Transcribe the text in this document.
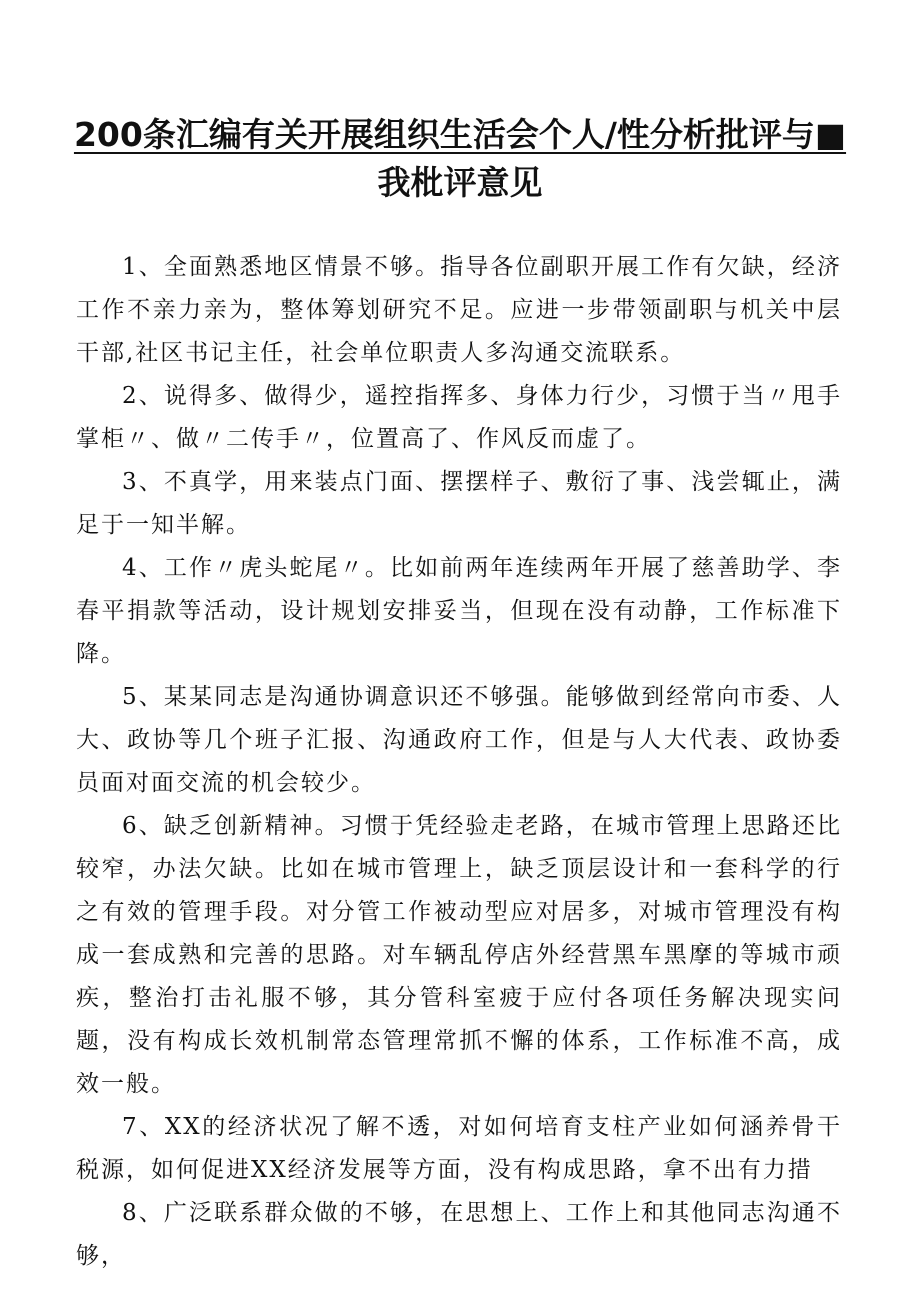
200条汇编有关开展组织生活会个人/性分析批评与■
我枇评意见

1、全面熟悉地区情景不够。指导各位副职开展工作有欠缺，经济工作不亲力亲为，整体筹划研究不足。应进一步带领副职与机关中层干部,社区书记主任，社会单位职责人多沟通交流联系。

2、说得多、做得少，遥控指挥多、身体力行少，习惯于当〃甩手掌柜〃、做〃二传手〃，位置高了、作风反而虚了。

3、不真学，用来装点门面、摆摆样子、敷衍了事、浅尝辄止，满足于一知半解。

4、工作〃虎头蛇尾〃。比如前两年连续两年开展了慈善助学、李春平捐款等活动，设计规划安排妥当，但现在没有动静，工作标准下降。

5、某某同志是沟通协调意识还不够强。能够做到经常向市委、人大、政协等几个班子汇报、沟通政府工作，但是与人大代表、政协委员面对面交流的机会较少。

6、缺乏创新精神。习惯于凭经验走老路，在城市管理上思路还比较窄，办法欠缺。比如在城市管理上，缺乏顶层设计和一套科学的行之有效的管理手段。对分管工作被动型应对居多，对城市管理没有构成一套成熟和完善的思路。对车辆乱停店外经营黑车黑摩的等城市顽疾，整治打击礼服不够，其分管科室疲于应付各项任务解决现实问题，没有构成长效机制常态管理常抓不懈的体系，工作标准不高，成效一般。

7、XX的经济状况了解不透，对如何培育支柱产业如何涵养骨干税源，如何促进XX经济发展等方面，没有构成思路，拿不出有力措

8、广泛联系群众做的不够，在思想上、工作上和其他同志沟通不够，
